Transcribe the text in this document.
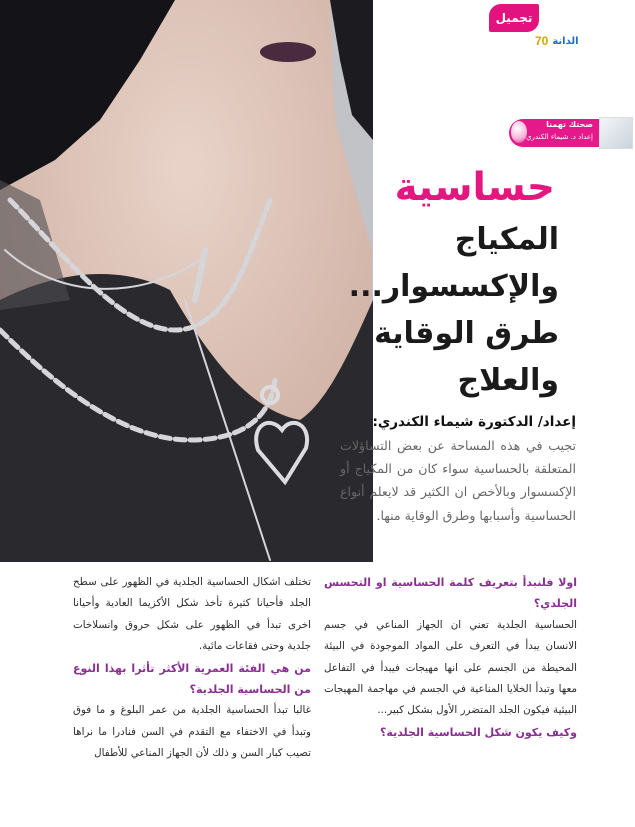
تجميل
70 الدانة
صحتك تهمنا
إعداد د. شيماء الكندري
حساسية
المكياج
والإكسسوار...
طرق الوقاية
والعلاج
إعداد/ الدكتورة شيماء الكندري:

تجيب في هذه المساحة عن بعض التساؤلات المتعلقة بالحساسية سواء كان من المكياج أو الإكسسوار وبالأخص ان الكثير قد لايعلم أنواع الحساسية وأسبابها وطرق الوقاية منها.

اولا فلنبدأ بتعريف كلمة الحساسية او التحسس الجلدي؟

الحساسية الجلدية تعني ان الجهاز المناعي في جسم الانسان يبدأ في التعرف على المواد الموجودة في البيئة المحيطة من الجسم على انها مهيجات فيبدأ في التفاعل معها وتبدأ الخلايا المناعية في الجسم في مهاجمة المهيجات البيئية فيكون الجلد المتضرر الأول بشكل كبير...

وكيف يكون شكل الحساسية الجلدية؟

تختلف اشكال الحساسية الجلدية في الظهور على سطح الجلد فأحيانا كثيرة تأخذ شكل الأكزيما العادية وأحيانا اخرى تبدأ في الظهور على شكل حروق وانسلاخات جلدية وحتى فقاعات مائية.

من هي الفئة العمرية الأكثر تأثرا بهذا النوع من الحساسية الجلدية؟

غالبا تبدأ الحساسية الجلدية من عمر البلوغ و ما فوق وتبدأ في الاختفاء مع التقدم في السن فنادرا ما نراها تصيب كبار السن و ذلك لأن الجهاز المناعي للأطفال
